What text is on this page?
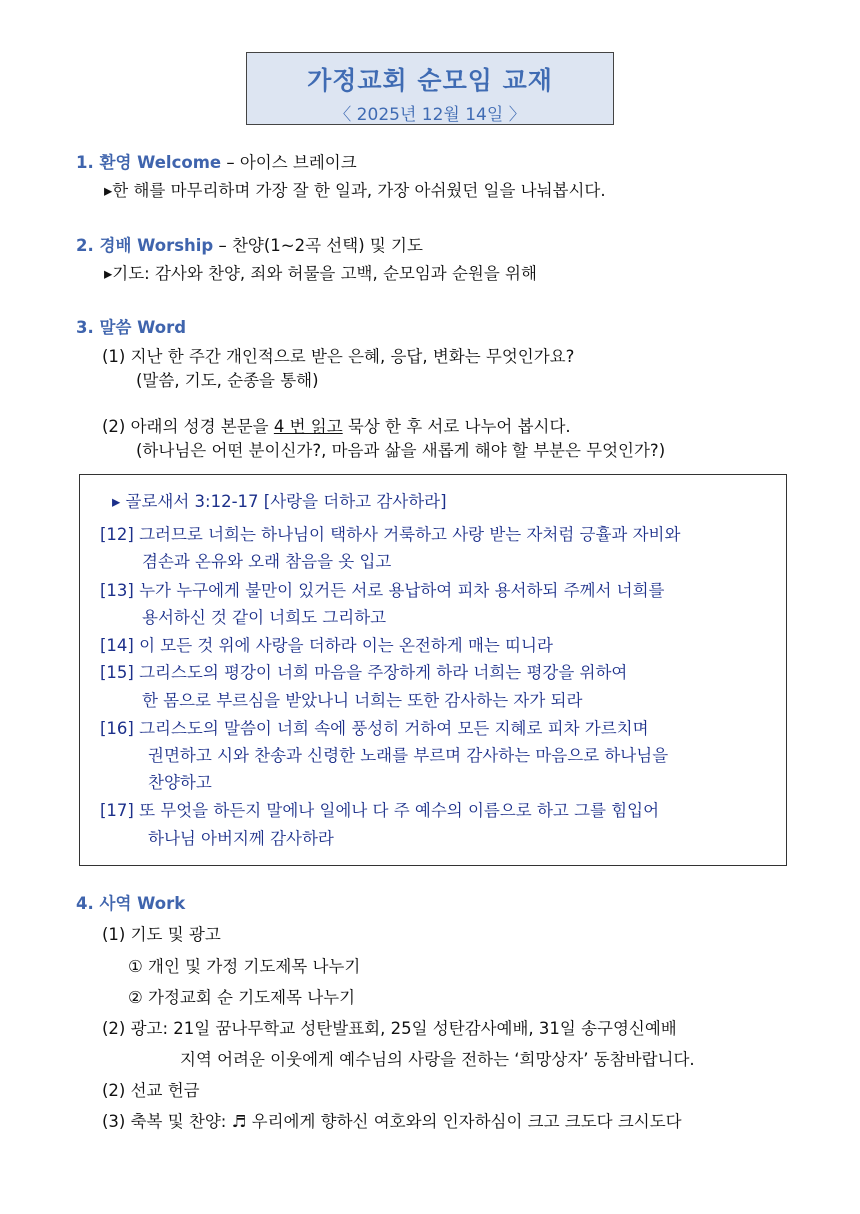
가정교회 순모임 교재
〈 2025년 12월 14일 〉
1. 환영 Welcome – 아이스 브레이크
▸한 해를 마무리하며 가장 잘 한 일과, 가장 아쉬웠던 일을 나눠봅시다.
2. 경배 Worship – 찬양(1~2곡 선택) 및 기도
▸기도: 감사와 찬양, 죄와 허물을 고백, 순모임과 순원을 위해
3. 말씀 Word
(1) 지난 한 주간 개인적으로 받은 은혜, 응답, 변화는 무엇인가요?
(말씀, 기도, 순종을 통해)
(2) 아래의 성경 본문을 4 번 읽고 묵상 한 후 서로 나누어 봅시다.
(하나님은 어떤 분이신가?, 마음과 삶을 새롭게 해야 할 부분은 무엇인가?)
▸ 골로새서 3:12-17 [사랑을 더하고 감사하라]
[12] 그러므로 너희는 하나님이 택하사 거룩하고 사랑 받는 자처럼 긍휼과 자비와
겸손과 온유와 오래 참음을 옷 입고
[13] 누가 누구에게 불만이 있거든 서로 용납하여 피차 용서하되 주께서 너희를
용서하신 것 같이 너희도 그리하고
[14] 이 모든 것 위에 사랑을 더하라 이는 온전하게 매는 띠니라
[15] 그리스도의 평강이 너희 마음을 주장하게 하라 너희는 평강을 위하여
한 몸으로 부르심을 받았나니 너희는 또한 감사하는 자가 되라
[16] 그리스도의 말씀이 너희 속에 풍성히 거하여 모든 지혜로 피차 가르치며
권면하고 시와 찬송과 신령한 노래를 부르며 감사하는 마음으로 하나님을
찬양하고
[17] 또 무엇을 하든지 말에나 일에나 다 주 예수의 이름으로 하고 그를 힘입어
하나님 아버지께 감사하라
4. 사역 Work
(1) 기도 및 광고
① 개인 및 가정 기도제목 나누기
② 가정교회 순 기도제목 나누기
(2) 광고: 21일 꿈나무학교 성탄발표회, 25일 성탄감사예배, 31일 송구영신예배
지역 어려운 이웃에게 예수님의 사랑을 전하는 ‘희망상자’ 동참바랍니다.
(2) 선교 헌금
(3) 축복 및 찬양: ♬ 우리에게 향하신 여호와의 인자하심이 크고 크도다 크시도다
